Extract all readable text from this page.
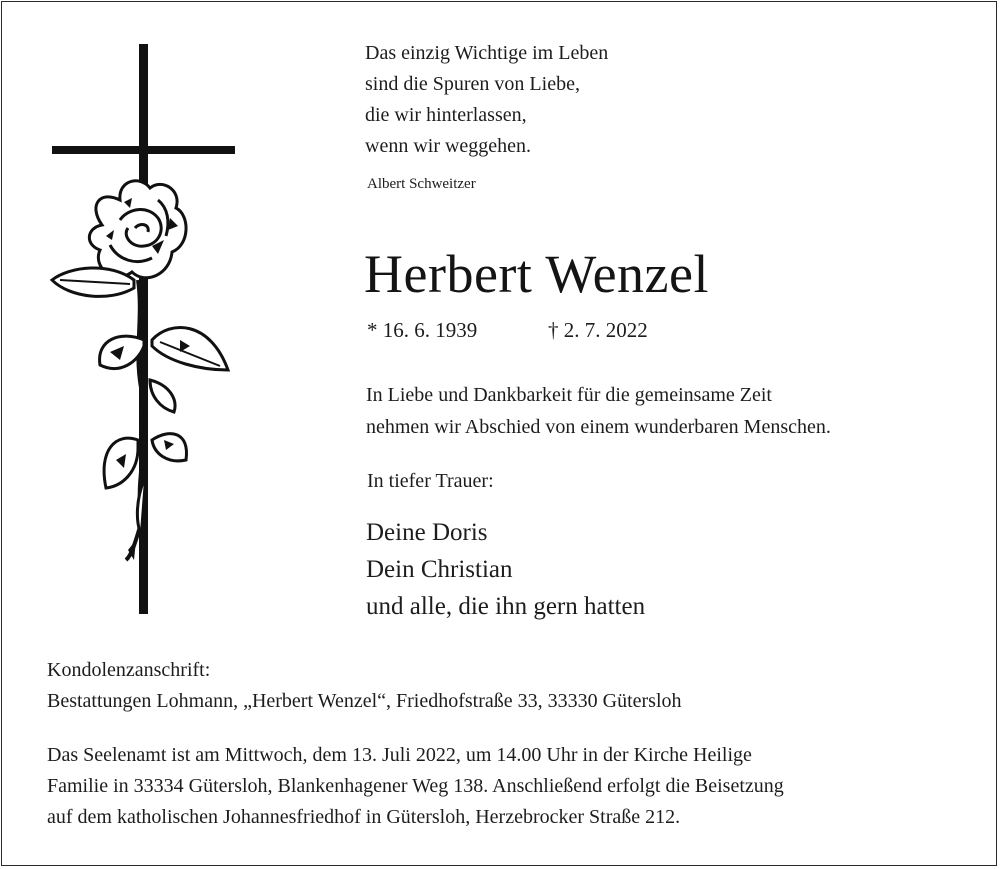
Das einzig Wichtige im Leben
sind die Spuren von Liebe,
die wir hinterlassen,
wenn wir weggehen.
Albert Schweitzer
Herbert Wenzel
* 16. 6. 1939	† 2. 7. 2022
In Liebe und Dankbarkeit für die gemeinsame Zeit
nehmen wir Abschied von einem wunderbaren Menschen.
In tiefer Trauer:
Deine Doris
Dein Christian
und alle, die ihn gern hatten
Kondolenzanschrift:
Bestattungen Lohmann, „Herbert Wenzel“, Friedhofstraße 33, 33330 Gütersloh
Das Seelenamt ist am Mittwoch, dem 13. Juli 2022, um 14.00 Uhr in der Kirche Heilige
Familie in 33334 Gütersloh, Blankenhagener Weg 138. Anschließend erfolgt die Beisetzung
auf dem katholischen Johannesfriedhof in Gütersloh, Herzebrocker Straße 212.
